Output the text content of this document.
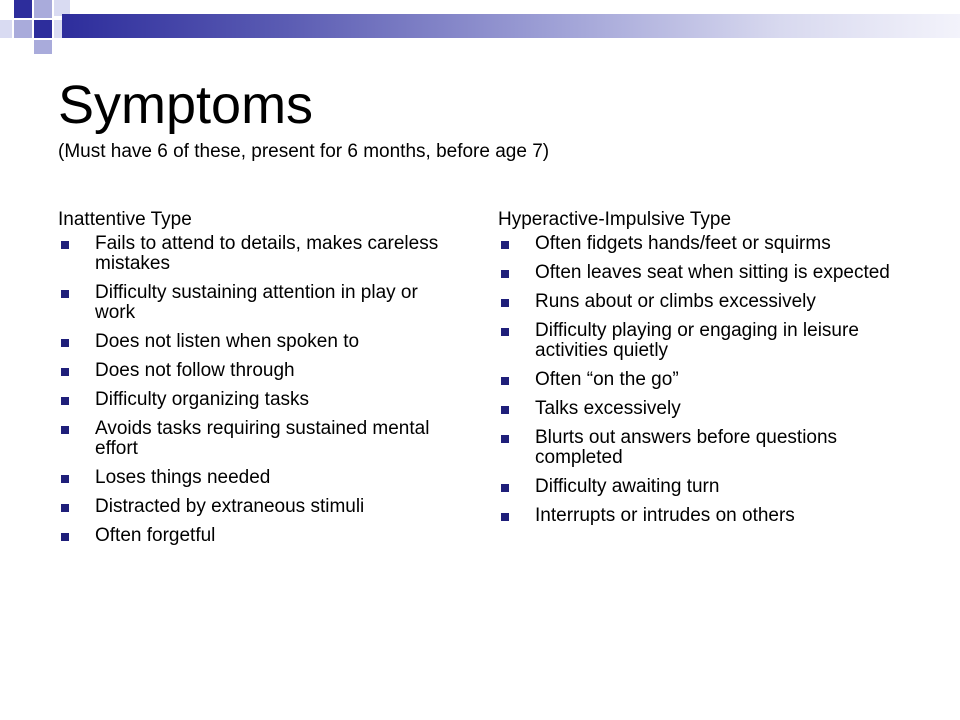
Symptoms

(Must have 6 of these, present for 6 months, before age 7)

Inattentive Type

Fails to attend to details, makes careless mistakes
Difficulty sustaining attention in play or work
Does not listen when spoken to
Does not follow through
Difficulty organizing tasks
Avoids tasks requiring sustained mental effort
Loses things needed
Distracted by extraneous stimuli
Often forgetful

Hyperactive-Impulsive Type

Often fidgets hands/feet or squirms
Often leaves seat when sitting is expected
Runs about or climbs excessively
Difficulty playing or engaging in leisure activities quietly
Often “on the go”
Talks excessively
Blurts out answers before questions completed
Difficulty awaiting turn
Interrupts or intrudes on others
